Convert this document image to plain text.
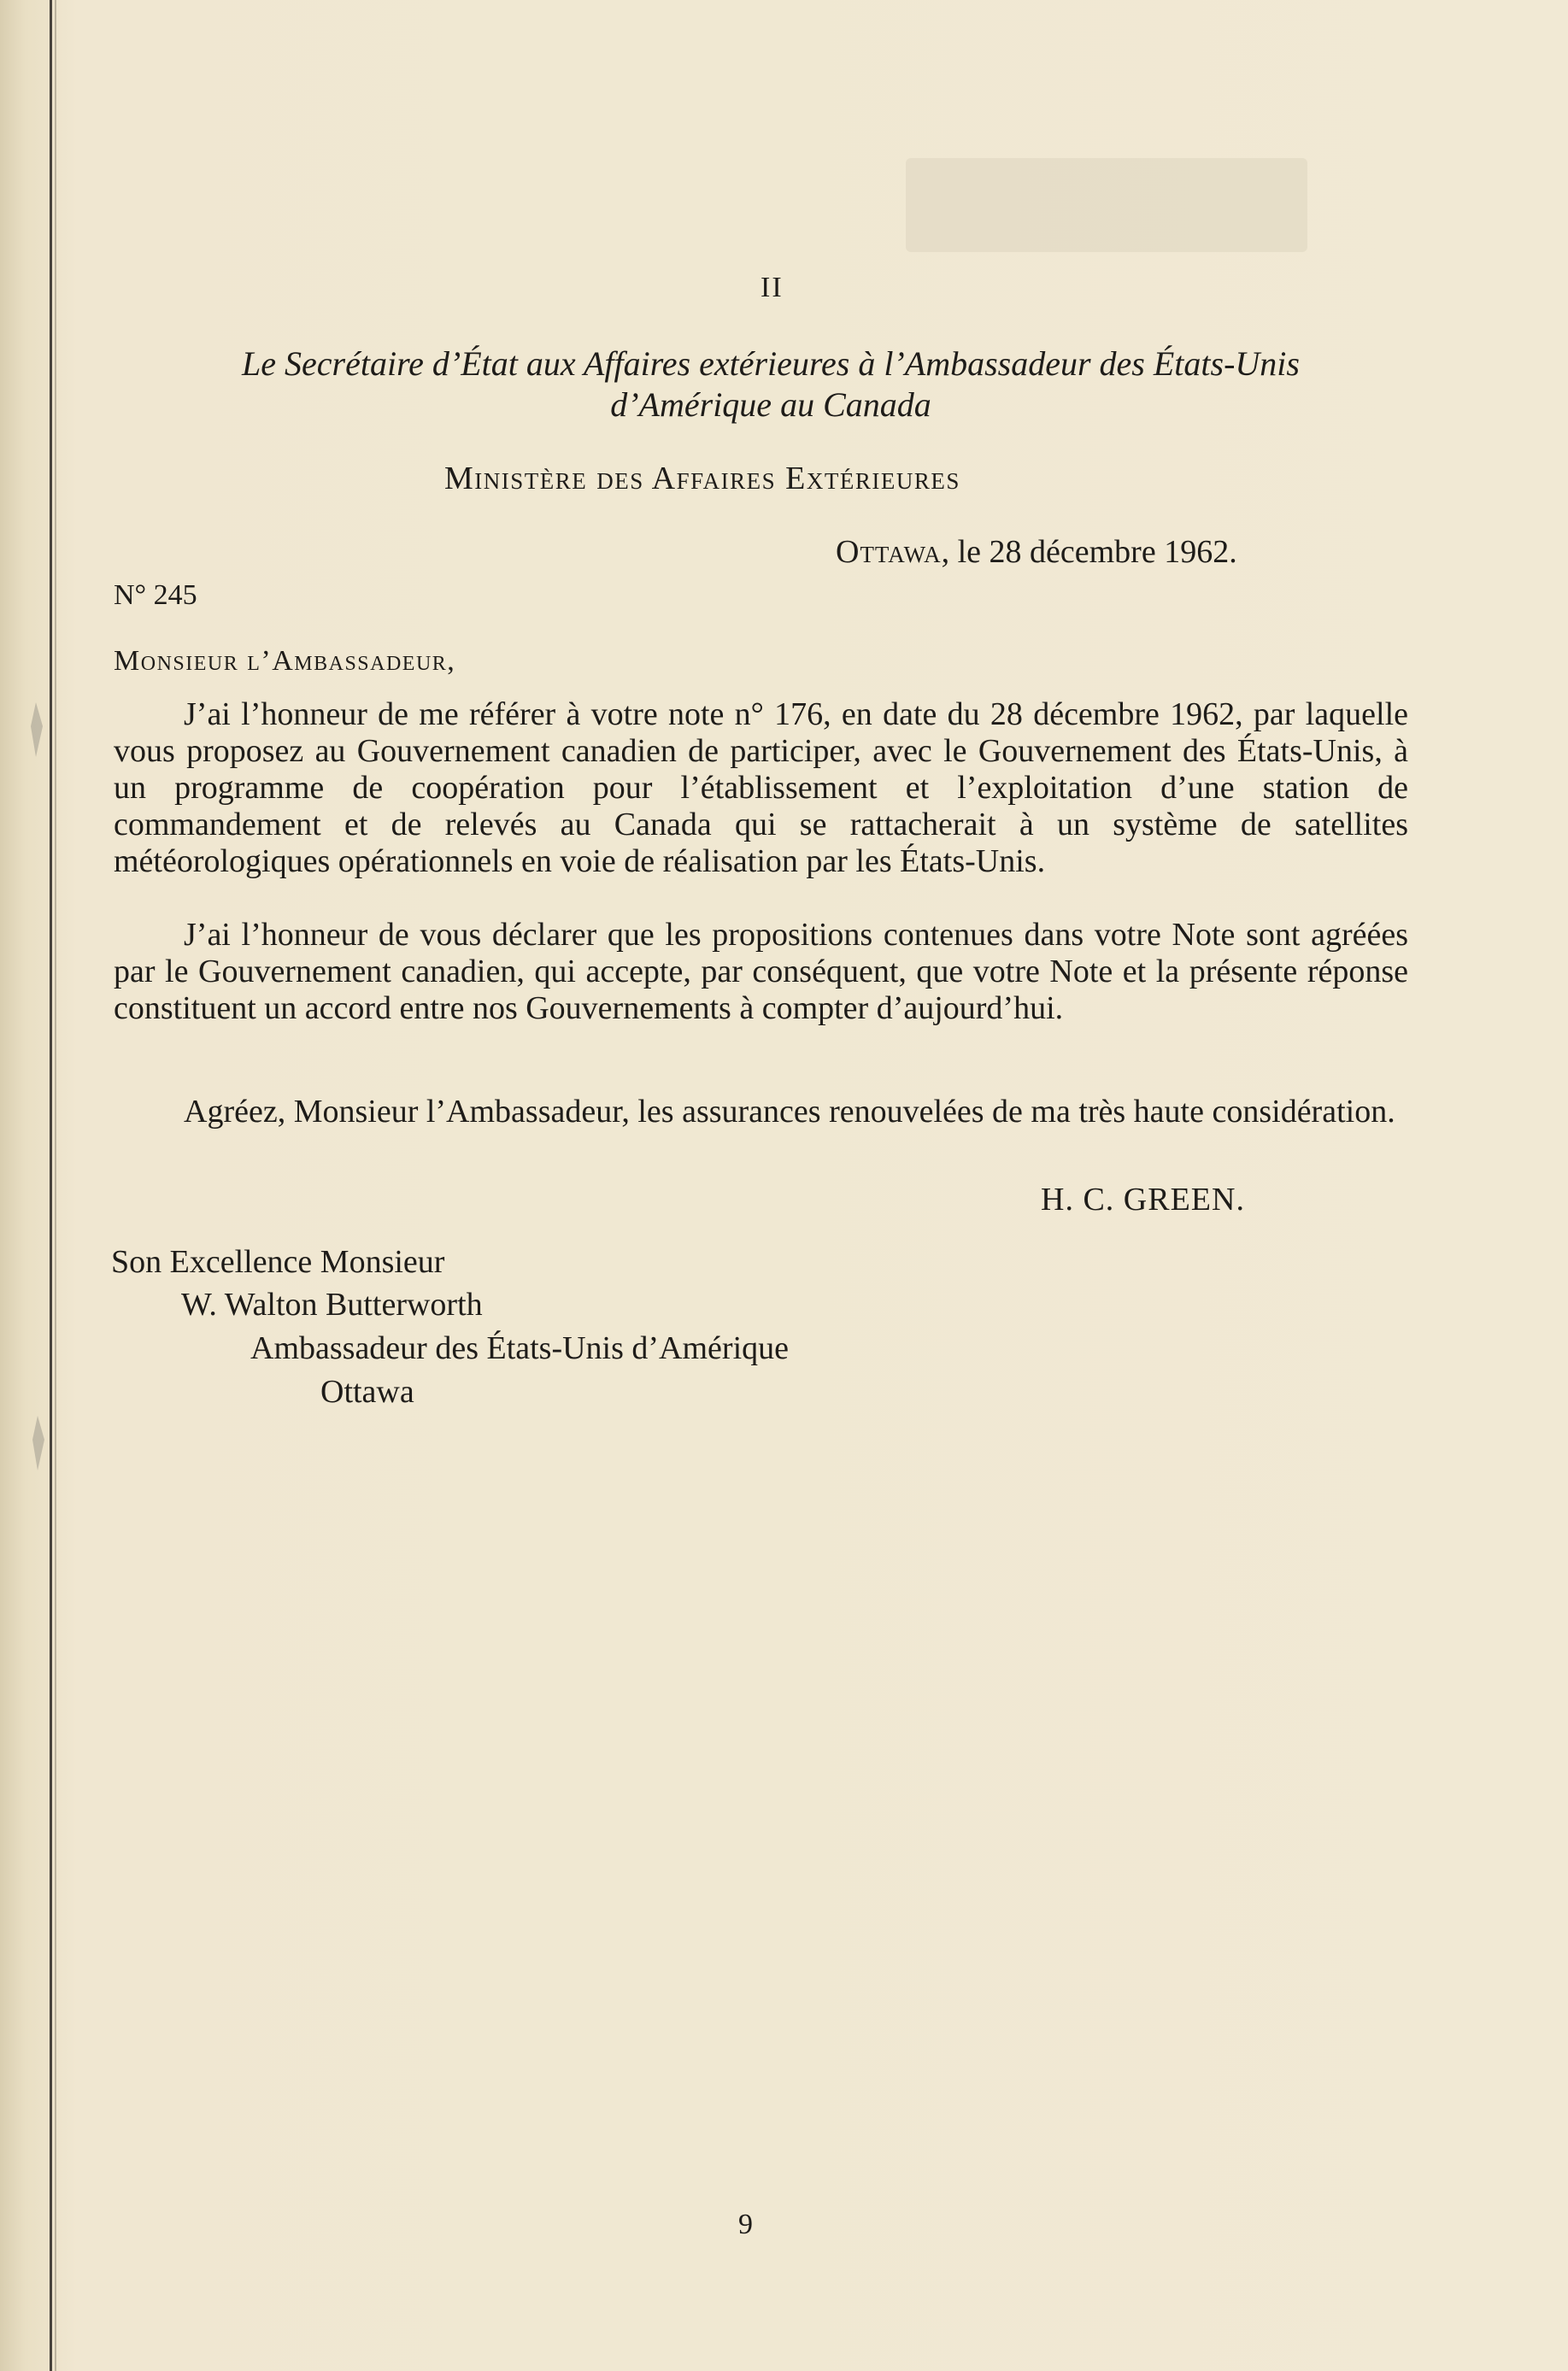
II
Le Secrétaire d’État aux Affaires extérieures à l’Ambassadeur des États-Unis
d’Amérique au Canada
Ministère des Affaires Extérieures
Ottawa, le 28 décembre 1962.
N° 245
Monsieur l’Ambassadeur,

J’ai l’honneur de me référer à votre note n° 176, en date du 28 décembre 1962, par laquelle vous proposez au Gouvernement canadien de participer, avec le Gouvernement des États-Unis, à un programme de coopération pour l’établissement et l’exploitation d’une station de commandement et de relevés au Canada qui se rattacherait à un système de satellites météorologiques opérationnels en voie de réalisation par les États-Unis.

J’ai l’honneur de vous déclarer que les propositions contenues dans votre Note sont agréées par le Gouvernement canadien, qui accepte, par conséquent, que votre Note et la présente réponse constituent un accord entre nos Gouvernements à compter d’aujourd’hui.

Agréez, Monsieur l’Ambassadeur, les assurances renouvelées de ma très haute considération.

H. C. GREEN.
Son Excellence Monsieur
W. Walton Butterworth
Ambassadeur des États-Unis d’Amérique
Ottawa
9
